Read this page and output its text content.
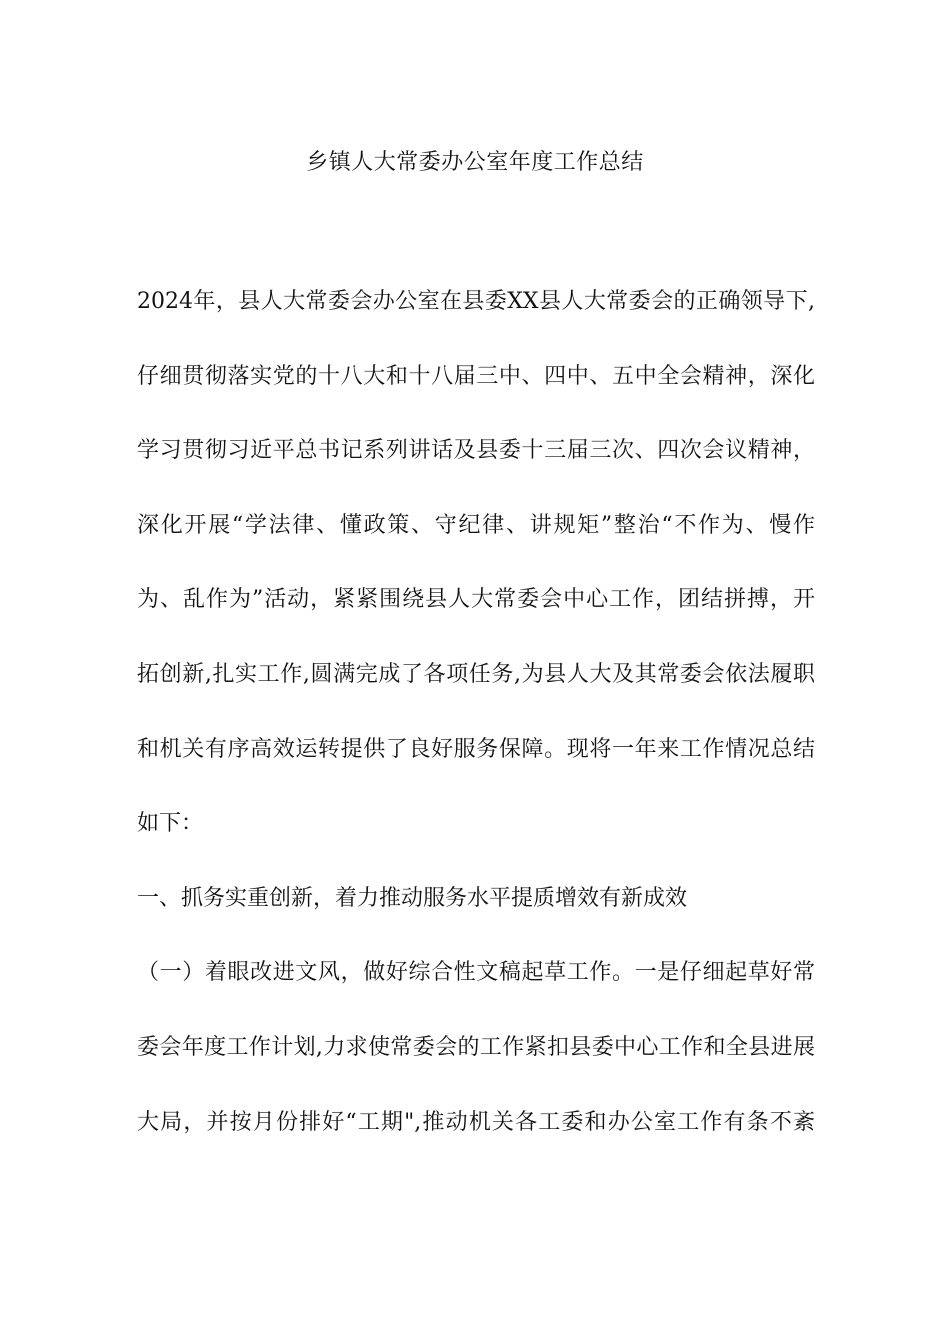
乡镇人大常委办公室年度工作总结
2024年，县人大常委会办公室在县委XX县人大常委会的正确领导下,
仔细贯彻落实党的十八大和十八届三中、四中、五中全会精神，深化
学习贯彻习近平总书记系列讲话及县委十三届三次、四次会议精神，
深化开展“学法律、懂政策、守纪律、讲规矩”整治“不作为、慢作
为、乱作为”活动，紧紧围绕县人大常委会中心工作，团结拼搏，开
拓创新,扎实工作,圆满完成了各项任务,为县人大及其常委会依法履职
和机关有序高效运转提供了良好服务保障。现将一年来工作情况总结
如下：
一、抓务实重创新，着力推动服务水平提质增效有新成效
（一）着眼改进文风，做好综合性文稿起草工作。一是仔细起草好常
委会年度工作计划,力求使常委会的工作紧扣县委中心工作和全县进展
大局，并按月份排好“工期",推动机关各工委和办公室工作有条不紊
